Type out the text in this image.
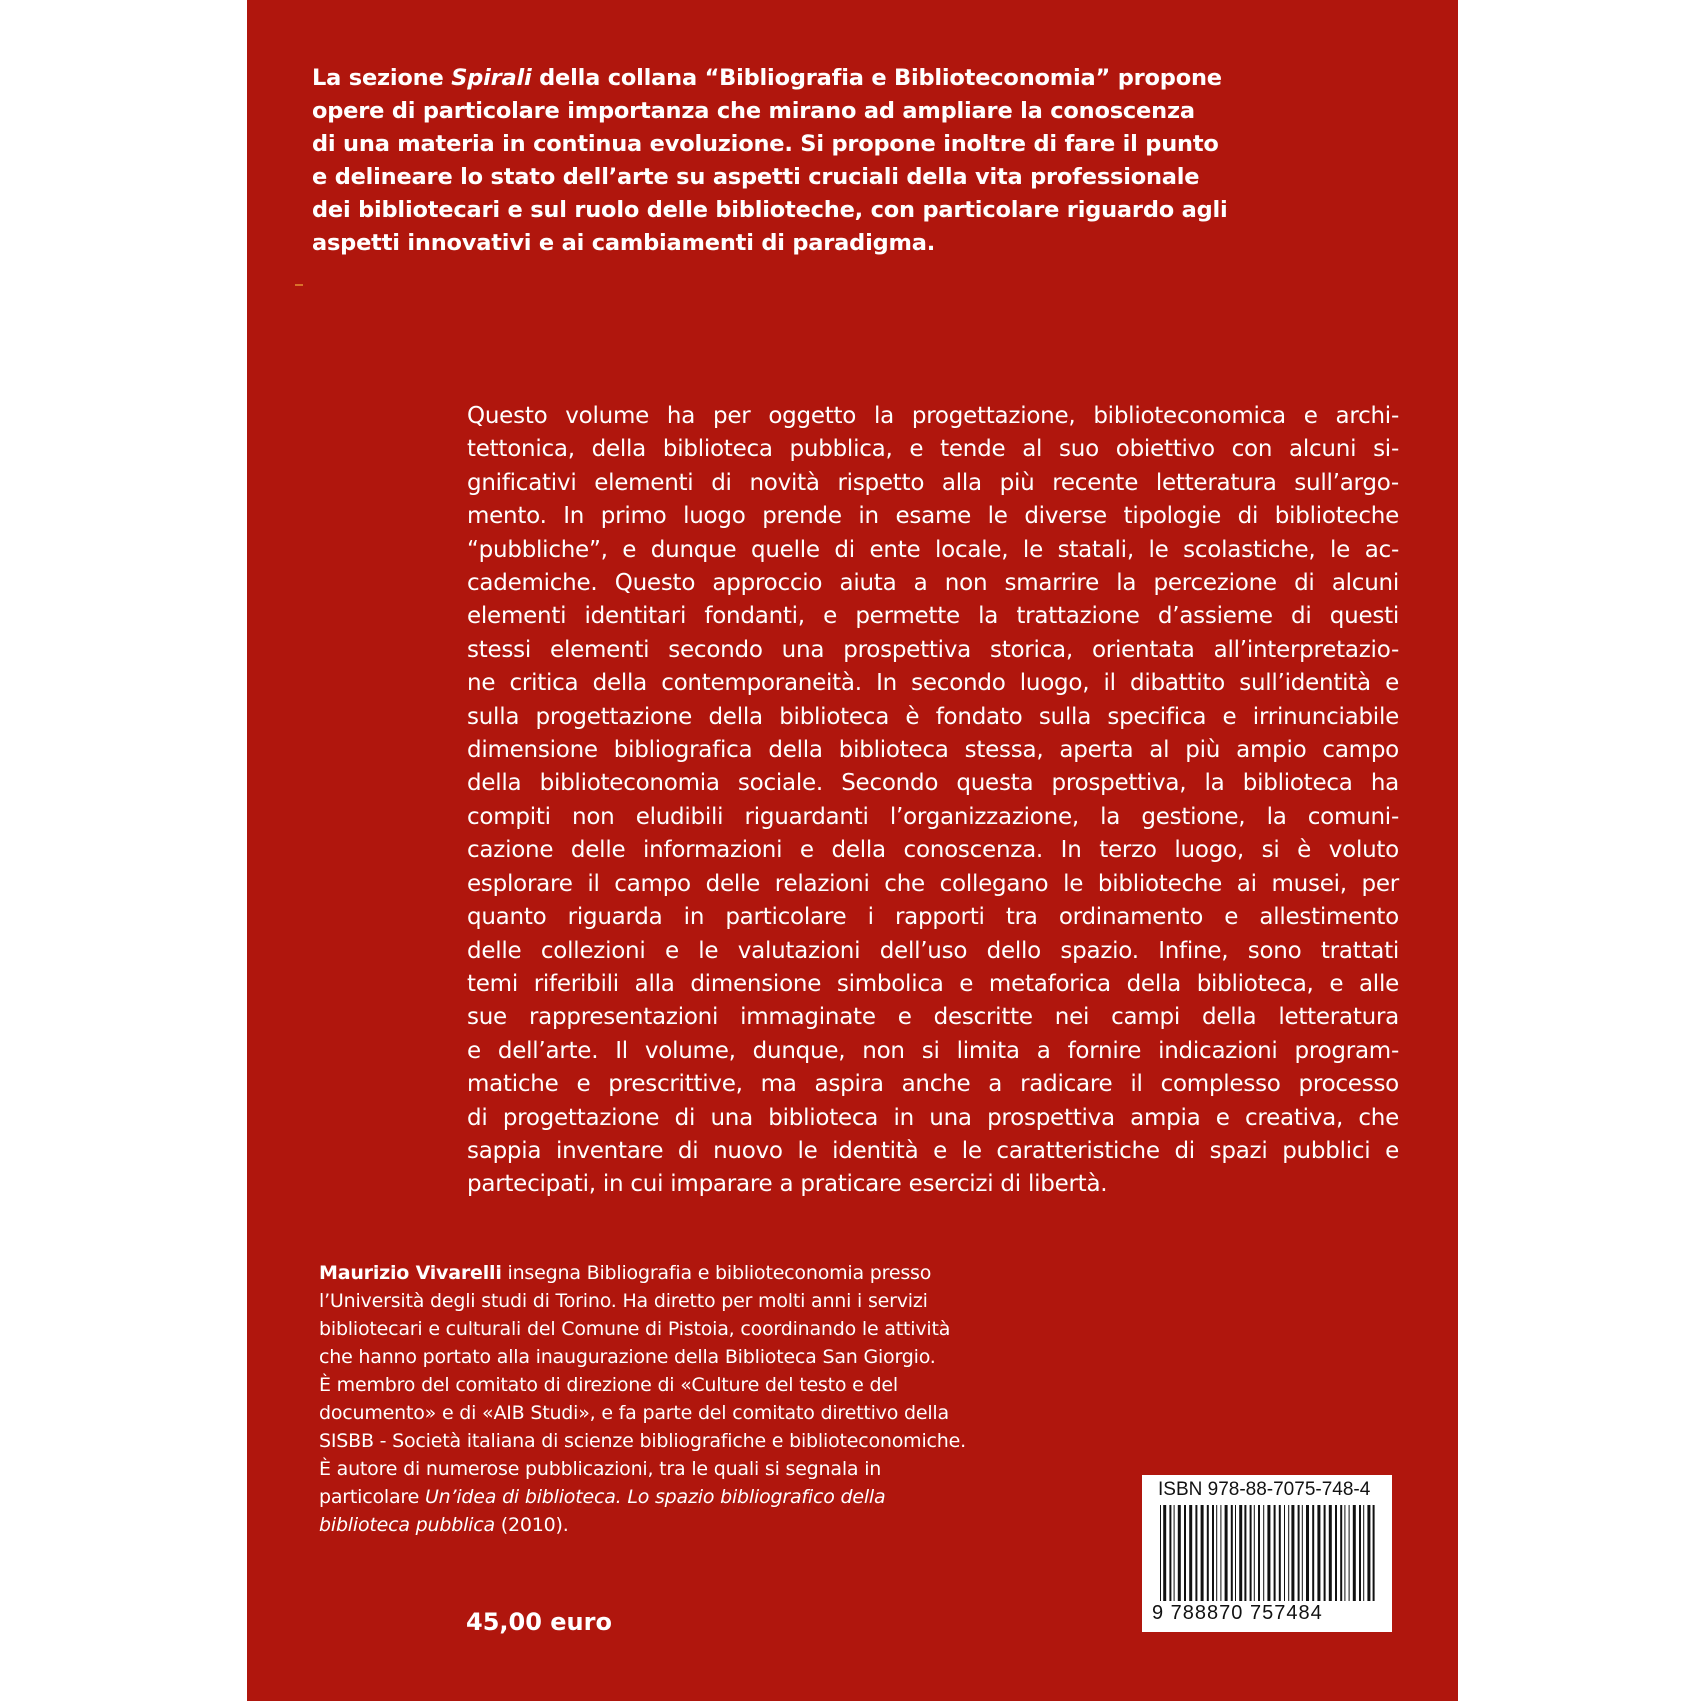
La sezione Spirali della collana “Bibliografia e Biblioteconomia” propone
opere di particolare importanza che mirano ad ampliare la conoscenza
di una materia in continua evoluzione. Si propone inoltre di fare il punto
e delineare lo stato dell’arte su aspetti cruciali della vita professionale
dei bibliotecari e sul ruolo delle biblioteche, con particolare riguardo agli
aspetti innovativi e ai cambiamenti di paradigma.

Questo volume ha per oggetto la progettazione, biblioteconomica e archi-
tettonica, della biblioteca pubblica, e tende al suo obiettivo con alcuni si-
gnificativi elementi di novità rispetto alla più recente letteratura sull’argo-
mento. In primo luogo prende in esame le diverse tipologie di biblioteche
“pubbliche”, e dunque quelle di ente locale, le statali, le scolastiche, le ac-
cademiche. Questo approccio aiuta a non smarrire la percezione di alcuni
elementi identitari fondanti, e permette la trattazione d’assieme di questi
stessi elementi secondo una prospettiva storica, orientata all’interpretazio-
ne critica della contemporaneità. In secondo luogo, il dibattito sull’identità e
sulla progettazione della biblioteca è fondato sulla specifica e irrinunciabile
dimensione bibliografica della biblioteca stessa, aperta al più ampio campo
della biblioteconomia sociale. Secondo questa prospettiva, la biblioteca ha
compiti non eludibili riguardanti l’organizzazione, la gestione, la comuni-
cazione delle informazioni e della conoscenza. In terzo luogo, si è voluto
esplorare il campo delle relazioni che collegano le biblioteche ai musei, per
quanto riguarda in particolare i rapporti tra ordinamento e allestimento
delle collezioni e le valutazioni dell’uso dello spazio. Infine, sono trattati
temi riferibili alla dimensione simbolica e metaforica della biblioteca, e alle
sue rappresentazioni immaginate e descritte nei campi della letteratura
e dell’arte. Il volume, dunque, non si limita a fornire indicazioni program-
matiche e prescrittive, ma aspira anche a radicare il complesso processo
di progettazione di una biblioteca in una prospettiva ampia e creativa, che
sappia inventare di nuovo le identità e le caratteristiche di spazi pubblici e
partecipati, in cui imparare a praticare esercizi di libertà.

Maurizio Vivarelli insegna Bibliografia e biblioteconomia presso
l’Università degli studi di Torino. Ha diretto per molti anni i servizi
bibliotecari e culturali del Comune di Pistoia, coordinando le attività
che hanno portato alla inaugurazione della Biblioteca San Giorgio.
È membro del comitato di direzione di «Culture del testo e del
documento» e di «AIB Studi», e fa parte del comitato direttivo della
SISBB - Società italiana di scienze bibliografiche e biblioteconomiche.
È autore di numerose pubblicazioni, tra le quali si segnala in
particolare Un’idea di biblioteca. Lo spazio bibliografico della
biblioteca pubblica (2010).

45,00 euro
ISBN 978-88-7075-748-4
9 788870 757484
